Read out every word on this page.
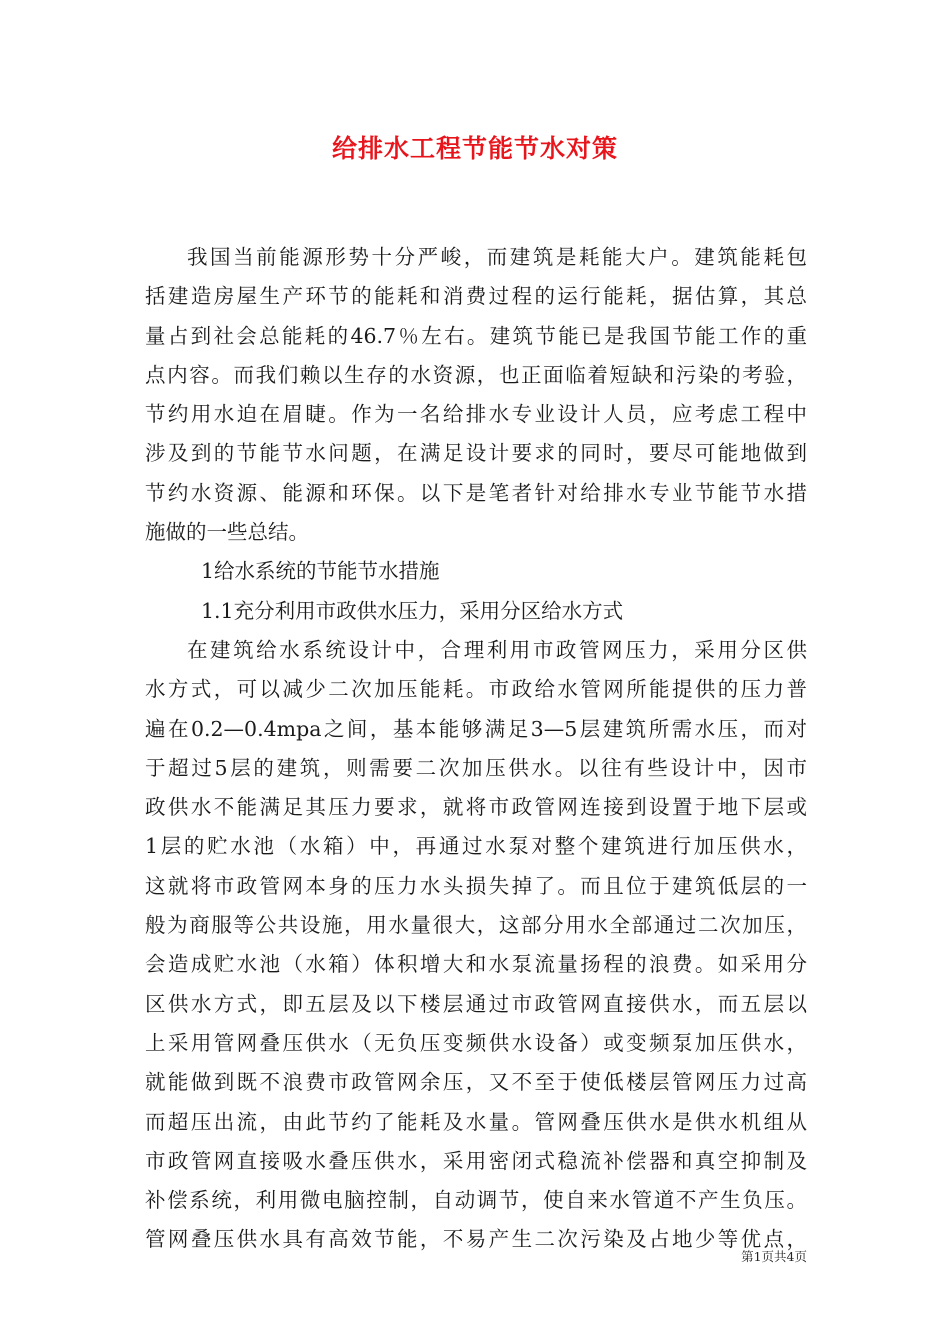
给排水工程节能节水对策
我国当前能源形势十分严峻，而建筑是耗能大户。建筑能耗包
括建造房屋生产环节的能耗和消费过程的运行能耗，据估算，其总
量占到社会总能耗的46.7％左右。建筑节能已是我国节能工作的重
点内容。而我们赖以生存的水资源，也正面临着短缺和污染的考验，
节约用水迫在眉睫。作为一名给排水专业设计人员，应考虑工程中
涉及到的节能节水问题，在满足设计要求的同时，要尽可能地做到
节约水资源、能源和环保。以下是笔者针对给排水专业节能节水措
施做的一些总结。
1给水系统的节能节水措施
1.1充分利用市政供水压力，采用分区给水方式
在建筑给水系统设计中，合理利用市政管网压力，采用分区供
水方式，可以减少二次加压能耗。市政给水管网所能提供的压力普
遍在0.2—0.4mpa之间，基本能够满足3—5层建筑所需水压，而对
于超过5层的建筑，则需要二次加压供水。以往有些设计中，因市
政供水不能满足其压力要求，就将市政管网连接到设置于地下层或
1层的贮水池（水箱）中，再通过水泵对整个建筑进行加压供水，
这就将市政管网本身的压力水头损失掉了。而且位于建筑低层的一
般为商服等公共设施，用水量很大，这部分用水全部通过二次加压，
会造成贮水池（水箱）体积增大和水泵流量扬程的浪费。如采用分
区供水方式，即五层及以下楼层通过市政管网直接供水，而五层以
上采用管网叠压供水（无负压变频供水设备）或变频泵加压供水，
就能做到既不浪费市政管网余压，又不至于使低楼层管网压力过高
而超压出流，由此节约了能耗及水量。管网叠压供水是供水机组从
市政管网直接吸水叠压供水，采用密闭式稳流补偿器和真空抑制及
补偿系统，利用微电脑控制，自动调节，使自来水管道不产生负压。
管网叠压供水具有高效节能，不易产生二次污染及占地少等优点，
第1页共4页
